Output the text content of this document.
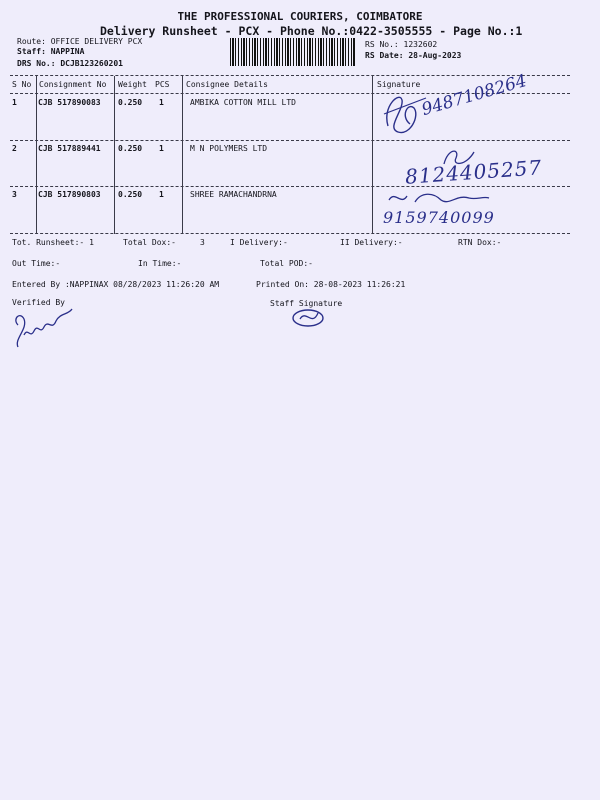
THE PROFESSIONAL COURIERS, COIMBATORE
Delivery Runsheet - PCX - Phone No.:0422-3505555 - Page No.:1
Route: OFFICE DELIVERY PCX
Staff: NAPPINA
DRS No.: DCJB123260201
RS No.: 1232602
RS Date: 28-Aug-2023
S No Consignment No Weight PCS Consignee Details	Signature
1	CJB 517890083 0.250 1	AMBIKA COTTON MILL LTD
2	CJB 517889441 0.250 1	M N POLYMERS LTD
3	CJB 517890803 0.250 1	SHREE RAMACHANDRNA
9487108264
8124405257
9159740099
Tot. Runsheet:- 1	Total Dox:-	3	I Delivery:-	II Delivery:-	RTN Dox:-
Out Time:-	In Time:-	Total POD:-
Entered By :NAPPINAX 08/28/2023 11:26:20 AM	Printed On: 28-08-2023 11:26:21
Verified By	Staff Signature
